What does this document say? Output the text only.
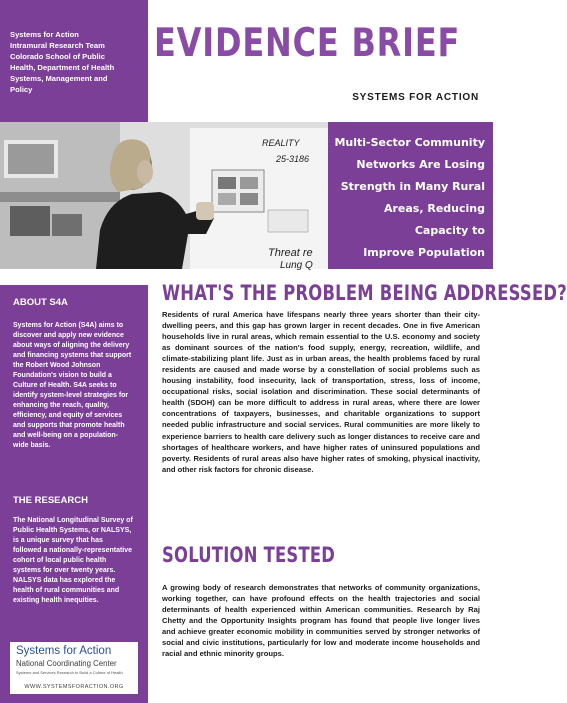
Systems for Action
Intramural Research Team
Colorado School of Public
Health, Department of Health
Systems, Management and
Policy
EVIDENCE BRIEF
SYSTEMS FOR ACTION
REALITY
25-3186
Threat re
Lung Q
Multi-Sector Community
Networks Are Losing
Strength in Many Rural
Areas, Reducing Capacity to
Improve Population Health
ABOUT S4A
Systems for Action (S4A) aims to discover and apply new evidence about ways of aligning the delivery and financing systems that support the Robert Wood Johnson Foundation's vision to build a Culture of Health. S4A seeks to identify system-level strategies for enhancing the reach, quality, efficiency, and equity of services and supports that promote health and well-being on a population-wide basis.
THE RESEARCH
The National Longitudinal Survey of Public Health Systems, or NALSYS, is a unique survey that has followed a nationally-representative cohort of local public health systems for over twenty years. NALSYS data has explored the health of rural communities and existing health inequities.
Systems for Action
National Coordinating Center
Systems and Services Research to Build a Culture of Health
WWW.SYSTEMSFORACTION.ORG
WHAT'S THE PROBLEM BEING ADDRESSED?
Residents of rural America have lifespans nearly three years shorter than their city-dwelling peers, and this gap has grown larger in recent decades. One in five American households live in rural areas, which remain essential to the U.S. economy and society as dominant sources of the nation's food supply, energy, recreation, wildlife, and climate-stabilizing plant life. Just as in urban areas, the health problems faced by rural residents are caused and made worse by a constellation of social problems such as housing instability, food insecurity, lack of transportation, stress, loss of income, occupational risks, social isolation and discrimination. These social determinants of health (SDOH) can be more difficult to address in rural areas, where there are lower concentrations of taxpayers, businesses, and charitable organizations to support needed public infrastructure and social services. Rural communities are more likely to experience barriers to health care delivery such as longer distances to receive care and shortages of healthcare workers, and have higher rates of uninsured populations and poverty. Residents of rural areas also have higher rates of smoking, physical inactivity, and other risk factors for chronic disease.
SOLUTION TESTED
A growing body of research demonstrates that networks of community organizations, working together, can have profound effects on the health trajectories and social determinants of health experienced within American communities. Research by Raj Chetty and the Opportunity Insights program has found that people live longer lives and achieve greater economic mobility in communities served by stronger networks of social and civic institutions, particularly for low and moderate income households and racial and ethnic minority groups.
